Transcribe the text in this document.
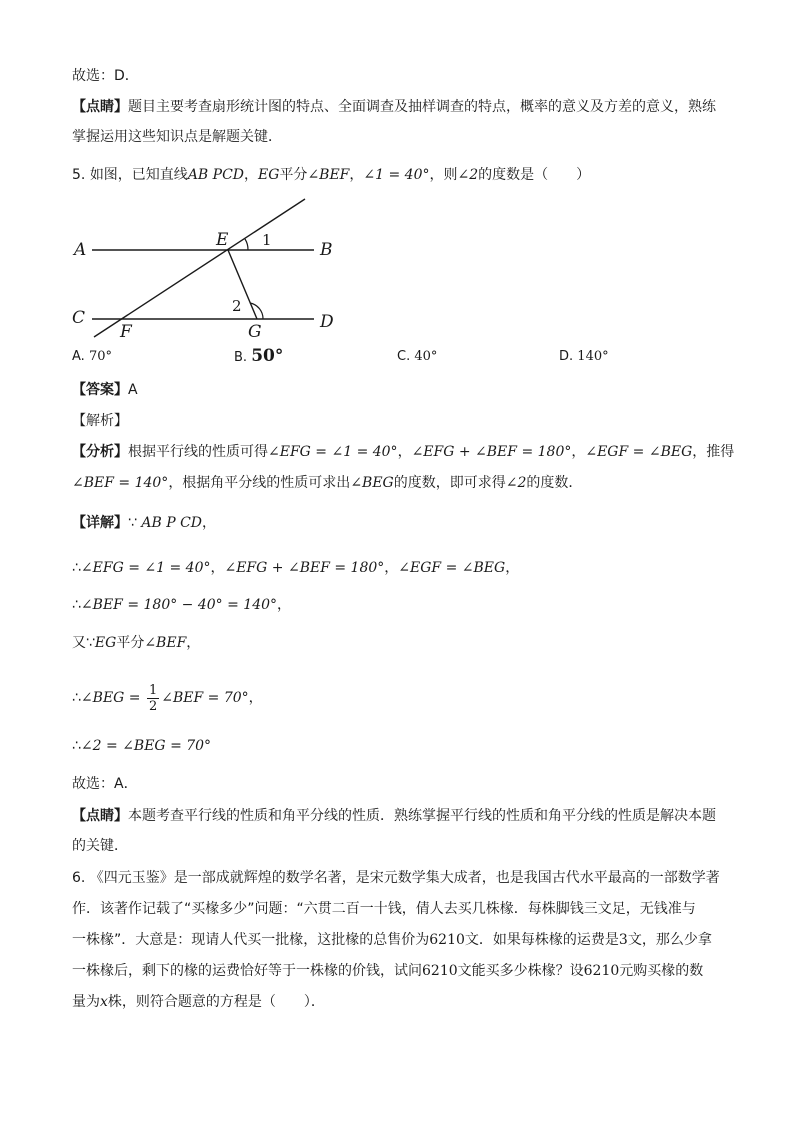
故选：D．
【点睛】题目主要考查扇形统计图的特点、全面调查及抽样调查的特点，概率的意义及方差的意义，熟练
掌握运用这些知识点是解题关键．
5. 如图，已知直线AB PCD，EG平分∠BEF，∠1 = 40°，则∠2的度数是（　　）
A	E 1	B
2
C
F	G	D
A. 70°	B. 50°	C. 40°	D. 140°
【答案】A
【解析】
【分析】根据平行线的性质可得∠EFG = ∠1 = 40°，∠EFG + ∠BEF = 180°，∠EGF = ∠BEG，推得
∠BEF = 140°，根据角平分线的性质可求出∠BEG的度数，即可求得∠2的度数．
【详解】∵ AB P CD，
∴∠EFG = ∠1 = 40°，∠EFG + ∠BEF = 180°，∠EGF = ∠BEG，
∴∠BEF = 180° − 40° = 140°，
又∵EG平分∠BEF，
∴∠BEG = $\frac{1}{2}$ ∠BEF = 70°，
∴∠2 = ∠BEG = 70°
故选：A．
【点睛】本题考查平行线的性质和角平分线的性质．熟练掌握平行线的性质和角平分线的性质是解决本题
的关键．
6. 《四元玉鉴》是一部成就辉煌的数学名著，是宋元数学集大成者，也是我国古代水平最高的一部数学著
作．该著作记载了“买椽多少”问题：“六贯二百一十钱，倩人去买几株椽．每株脚钱三文足，无钱准与
一株椽”．大意是：现请人代买一批椽，这批椽的总售价为6210文．如果每株椽的运费是3文，那么少拿
一株椽后，剩下的椽的运费恰好等于一株椽的价钱，试问6210文能买多少株椽？设6210元购买椽的数
量为x株，则符合题意的方程是（　　）．
